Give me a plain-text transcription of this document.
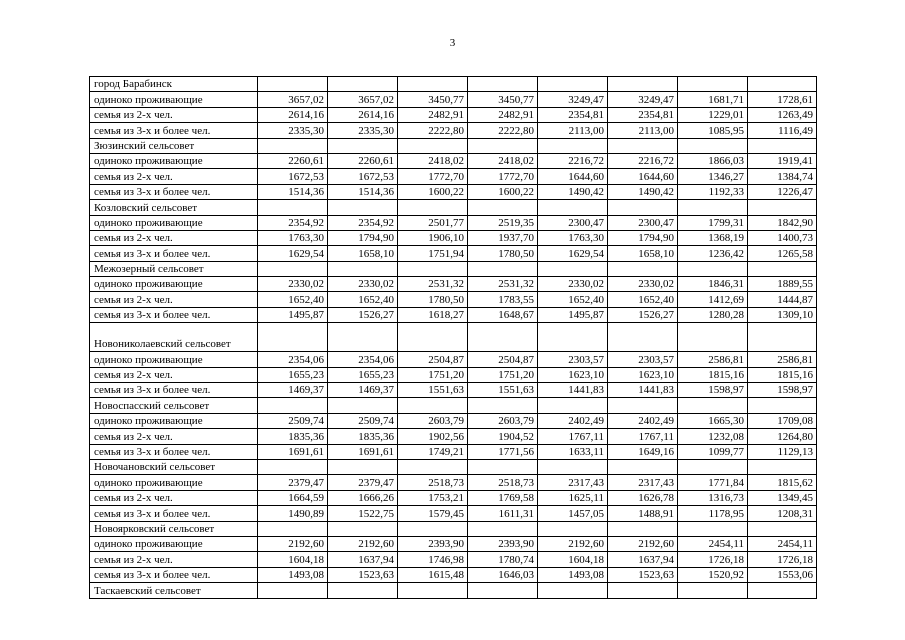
3
город Барабинск								
одиноко проживающие	3657,02	3657,02	3450,77	3450,77	3249,47	3249,47	1681,71	1728,61
семья из 2-х чел.	2614,16	2614,16	2482,91	2482,91	2354,81	2354,81	1229,01	1263,49
семья из 3-х и более чел.	2335,30	2335,30	2222,80	2222,80	2113,00	2113,00	1085,95	1116,49
Зюзинский сельсовет								
одиноко проживающие	2260,61	2260,61	2418,02	2418,02	2216,72	2216,72	1866,03	1919,41
семья из 2-х чел.	1672,53	1672,53	1772,70	1772,70	1644,60	1644,60	1346,27	1384,74
семья из 3-х и более чел.	1514,36	1514,36	1600,22	1600,22	1490,42	1490,42	1192,33	1226,47
Козловский сельсовет								
одиноко проживающие	2354,92	2354,92	2501,77	2519,35	2300,47	2300,47	1799,31	1842,90
семья из 2-х чел.	1763,30	1794,90	1906,10	1937,70	1763,30	1794,90	1368,19	1400,73
семья из 3-х и более чел.	1629,54	1658,10	1751,94	1780,50	1629,54	1658,10	1236,42	1265,58
Межозерный сельсовет								
одиноко проживающие	2330,02	2330,02	2531,32	2531,32	2330,02	2330,02	1846,31	1889,55
семья из 2-х чел.	1652,40	1652,40	1780,50	1783,55	1652,40	1652,40	1412,69	1444,87
семья из 3-х и более чел.	1495,87	1526,27	1618,27	1648,67	1495,87	1526,27	1280,28	1309,10
Новониколаевский сельсовет								
одиноко проживающие	2354,06	2354,06	2504,87	2504,87	2303,57	2303,57	2586,81	2586,81
семья из 2-х чел.	1655,23	1655,23	1751,20	1751,20	1623,10	1623,10	1815,16	1815,16
семья из 3-х и более чел.	1469,37	1469,37	1551,63	1551,63	1441,83	1441,83	1598,97	1598,97
Новоспасский сельсовет								
одиноко проживающие	2509,74	2509,74	2603,79	2603,79	2402,49	2402,49	1665,30	1709,08
семья из 2-х чел.	1835,36	1835,36	1902,56	1904,52	1767,11	1767,11	1232,08	1264,80
семья из 3-х и более чел.	1691,61	1691,61	1749,21	1771,56	1633,11	1649,16	1099,77	1129,13
Новочановский сельсовет								
одиноко проживающие	2379,47	2379,47	2518,73	2518,73	2317,43	2317,43	1771,84	1815,62
семья из 2-х чел.	1664,59	1666,26	1753,21	1769,58	1625,11	1626,78	1316,73	1349,45
семья из 3-х и более чел.	1490,89	1522,75	1579,45	1611,31	1457,05	1488,91	1178,95	1208,31
Новоярковский сельсовет								
одиноко проживающие	2192,60	2192,60	2393,90	2393,90	2192,60	2192,60	2454,11	2454,11
семья из 2-х чел.	1604,18	1637,94	1746,98	1780,74	1604,18	1637,94	1726,18	1726,18
семья из 3-х и более чел.	1493,08	1523,63	1615,48	1646,03	1493,08	1523,63	1520,92	1553,06
Таскаевский сельсовет								
